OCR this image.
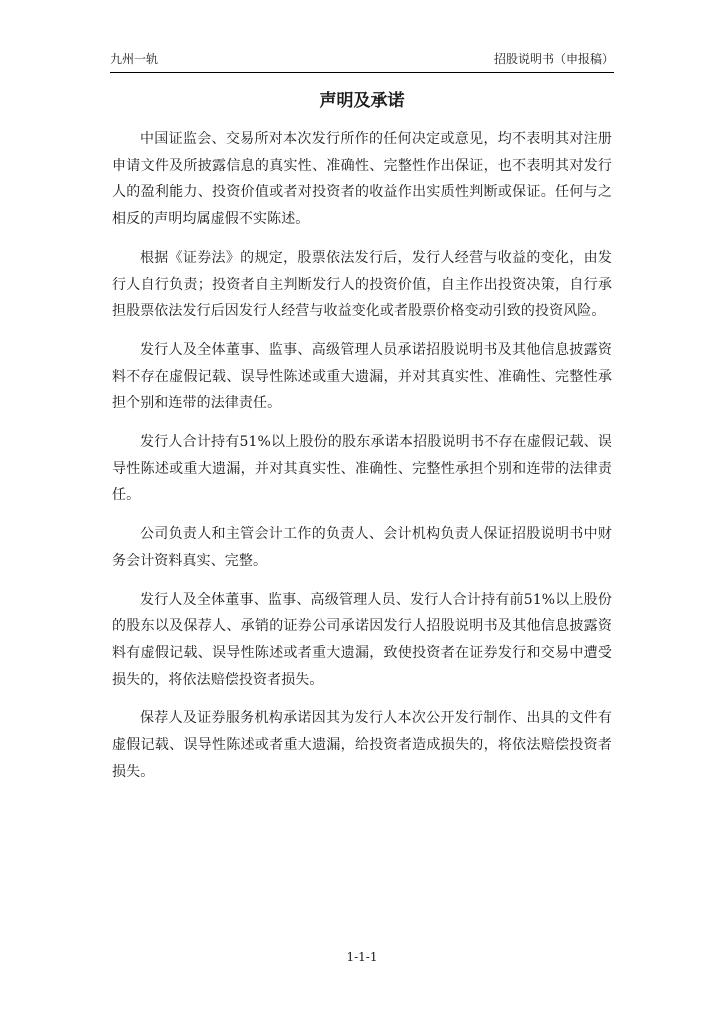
九州一轨	招股说明书（申报稿）
声明及承诺

中国证监会、交易所对本次发行所作的任何决定或意见，均不表明其对注册申请文件及所披露信息的真实性、准确性、完整性作出保证，也不表明其对发行人的盈利能力、投资价值或者对投资者的收益作出实质性判断或保证。任何与之相反的声明均属虚假不实陈述。

根据《证券法》的规定，股票依法发行后，发行人经营与收益的变化，由发行人自行负责；投资者自主判断发行人的投资价值，自主作出投资决策，自行承担股票依法发行后因发行人经营与收益变化或者股票价格变动引致的投资风险。

发行人及全体董事、监事、高级管理人员承诺招股说明书及其他信息披露资料不存在虚假记载、误导性陈述或重大遗漏，并对其真实性、准确性、完整性承担个别和连带的法律责任。

发行人合计持有51%以上股份的股东承诺本招股说明书不存在虚假记载、误导性陈述或重大遗漏，并对其真实性、准确性、完整性承担个别和连带的法律责任。

公司负责人和主管会计工作的负责人、会计机构负责人保证招股说明书中财务会计资料真实、完整。

发行人及全体董事、监事、高级管理人员、发行人合计持有前51%以上股份的股东以及保荐人、承销的证券公司承诺因发行人招股说明书及其他信息披露资料有虚假记载、误导性陈述或者重大遗漏，致使投资者在证券发行和交易中遭受损失的，将依法赔偿投资者损失。

保荐人及证券服务机构承诺因其为发行人本次公开发行制作、出具的文件有虚假记载、误导性陈述或者重大遗漏，给投资者造成损失的，将依法赔偿投资者损失。

1-1-1
